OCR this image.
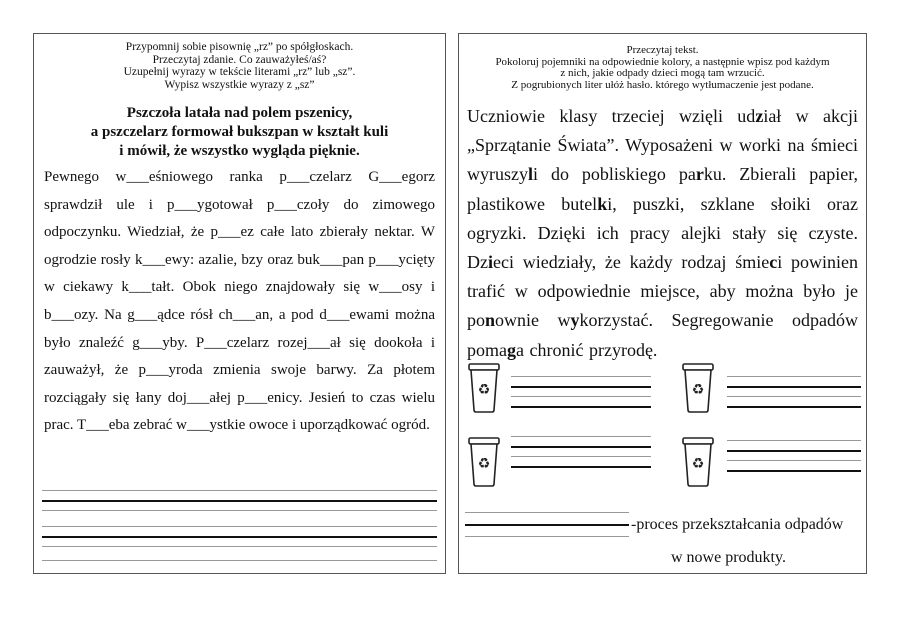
Przypomnij sobie pisownię „rz” po spółgłoskach.
Przeczytaj zdanie. Co zauważyłeś/aś?
Uzupełnij wyrazy w tekście literami „rz” lub „sz”.
Wypisz wszystkie wyrazy z „sz”
Pszczoła latała nad polem pszenicy,
a pszczelarz formował bukszpan w kształt kuli
i mówił, że wszystko wygląda pięknie.

Pewnego w___eśniowego ranka p___czelarz G___egorz sprawdził ule i p___ygotował p___czoły do zimowego odpoczynku. Wiedział, że p___ez całe lato zbierały nektar. W ogrodzie rosły k___ewy: azalie, bzy oraz buk___pan p___ycięty w ciekawy k___tałt. Obok niego znajdowały się w___osy i b___ozy. Na g___ądce rósł ch___an, a pod d___ewami można było znaleźć g___yby. P___czelarz rozej___ał się dookoła i zauważył, że p___yroda zmienia swoje barwy. Za płotem rozciągały się łany doj___ałej p___enicy. Jesień to czas wielu prac. T___eba zebrać w___ystkie owoce i uporządkować ogród.

Przeczytaj tekst.
Pokoloruj pojemniki na odpowiednie kolory, a następnie wpisz pod każdym
z nich, jakie odpady dzieci mogą tam wrzucić.
Z pogrubionych liter ułóż hasło. którego wytłumaczenie jest podane.

Uczniowie klasy trzeciej wzięli udział w akcji „Sprzątanie Świata”. Wyposażeni w worki na śmieci wyruszyli do pobliskiego parku. Zbierali papier, plastikowe butelki, puszki, szklane słoiki oraz ogryzki. Dzięki ich pracy alejki stały się czyste. Dzieci wiedziały, że każdy rodzaj śmieci powinien trafić w odpowiednie miejsce, aby można było je ponownie wykorzystać. Segregowanie odpadów pomaga chronić przyrodę.

♻	♻
♻	♻
-proces przekształcania odpadów
w nowe produkty.
